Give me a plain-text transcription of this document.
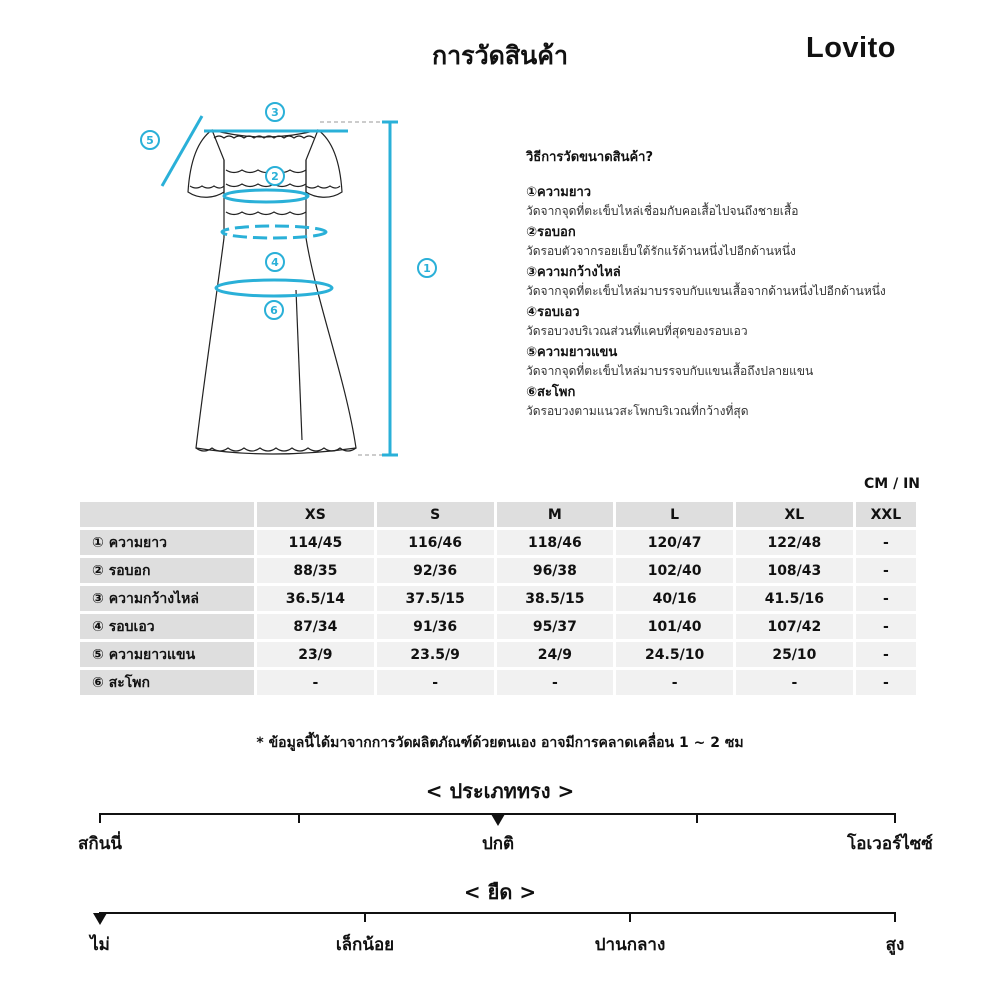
การวัดสินค้า	Lovito
3
5
1
2
4
6
วิธีการวัดขนาดสินค้า?
①ความยาว
วัดจากจุดที่ตะเข็บไหล่เชื่อมกับคอเสื้อไปจนถึงชายเสื้อ
②รอบอก
วัดรอบตัวจากรอยเย็บใต้รักแร้ด้านหนึ่งไปอีกด้านหนึ่ง
③ความกว้างไหล่
วัดจากจุดที่ตะเข็บไหล่มาบรรจบกับแขนเสื้อจากด้านหนึ่งไปอีกด้านหนึ่ง
④รอบเอว
วัดรอบวงบริเวณส่วนที่แคบที่สุดของรอบเอว
⑤ความยาวแขน
วัดจากจุดที่ตะเข็บไหล่มาบรรจบกับแขนเสื้อถึงปลายแขน
⑥สะโพก
วัดรอบวงตามแนวสะโพกบริเวณที่กว้างที่สุด
CM / IN
	XS	S	M	L	XL	XXL
① ความยาว	114/45	116/46	118/46	120/47	122/48	-
② รอบอก	88/35	92/36	96/38	102/40	108/43	-
③ ความกว้างไหล่	36.5/14	37.5/15	38.5/15	40/16	41.5/16	-
④ รอบเอว	87/34	91/36	95/37	101/40	107/42	-
⑤ ความยาวแขน	23/9	23.5/9	24/9	24.5/10	25/10	-
⑥ สะโพก	-	-	-	-	-	-
* ข้อมูลนี้ได้มาจากการวัดผลิตภัณฑ์ด้วยตนเอง อาจมีการคลาดเคลื่อน 1 ~ 2 ซม
< ประเภททรง >
สกินนี่	ปกติ	โอเวอร์ไซซ์
< ยืด >
ไม่	เล็กน้อย	ปานกลาง	สูง
